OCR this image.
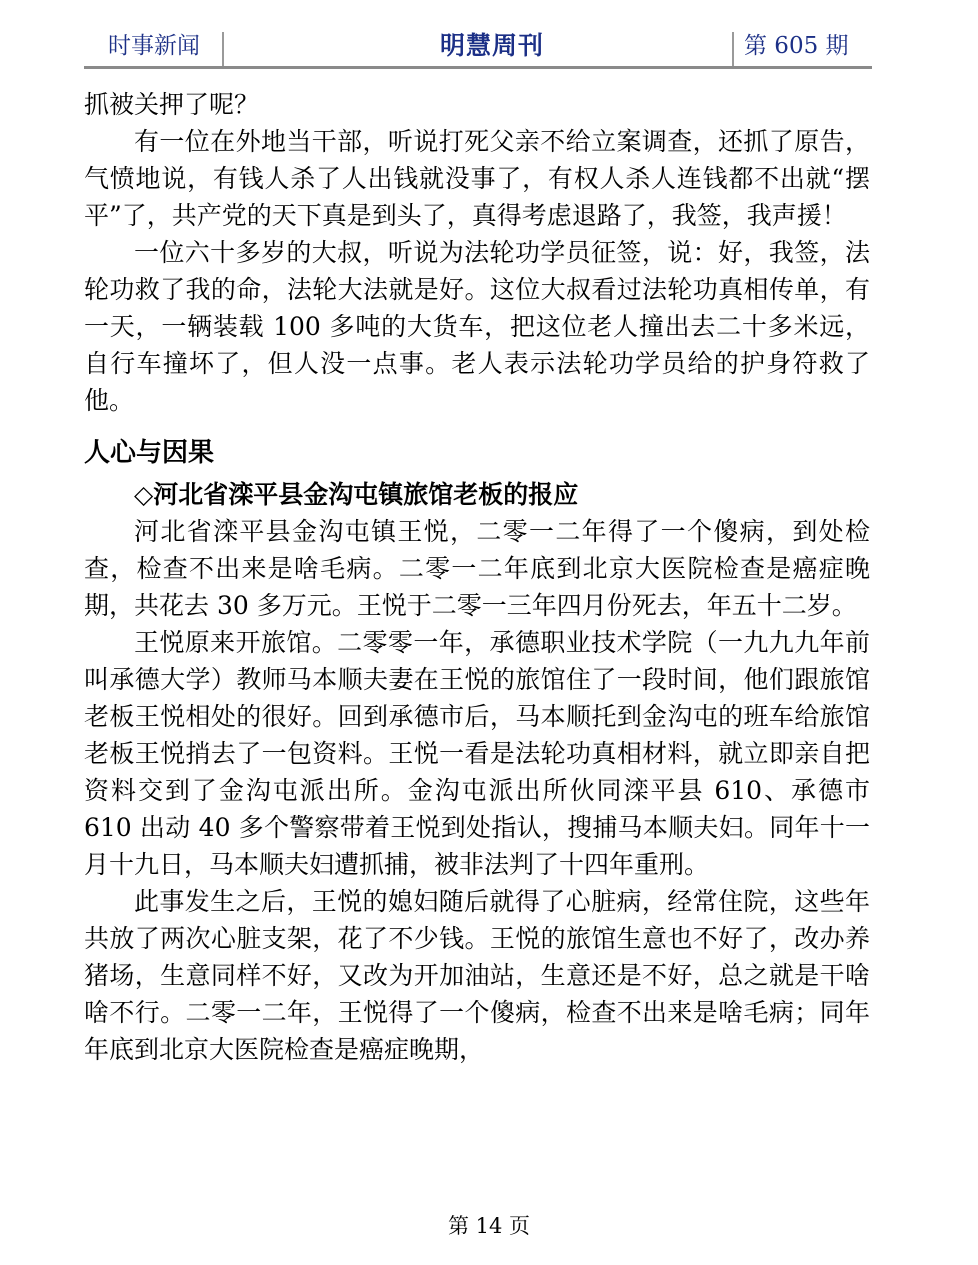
时事新闻	明慧周刊	第 605 期

抓被关押了呢？

有一位在外地当干部，听说打死父亲不给立案调查，还抓了原告，气愤地说，有钱人杀了人出钱就没事了，有权人杀人连钱都不出就“摆平”了，共产党的天下真是到头了，真得考虑退路了，我签，我声援！

一位六十多岁的大叔，听说为法轮功学员征签，说：好，我签，法轮功救了我的命，法轮大法就是好。这位大叔看过法轮功真相传单，有一天，一辆装载 100 多吨的大货车，把这位老人撞出去二十多米远，自行车撞坏了，但人没一点事。老人表示法轮功学员给的护身符救了他。

人心与因果
◇河北省滦平县金沟屯镇旅馆老板的报应

河北省滦平县金沟屯镇王悦，二零一二年得了一个傻病，到处检查，检查不出来是啥毛病。二零一二年底到北京大医院检查是癌症晚期，共花去 30 多万元。王悦于二零一三年四月份死去，年五十二岁。

王悦原来开旅馆。二零零一年，承德职业技术学院（一九九九年前叫承德大学）教师马本顺夫妻在王悦的旅馆住了一段时间，他们跟旅馆老板王悦相处的很好。回到承德市后，马本顺托到金沟屯的班车给旅馆老板王悦捎去了一包资料。王悦一看是法轮功真相材料，就立即亲自把资料交到了金沟屯派出所。金沟屯派出所伙同滦平县 610、承德市 610 出动 40 多个警察带着王悦到处指认，搜捕马本顺夫妇。同年十一月十九日，马本顺夫妇遭抓捕，被非法判了十四年重刑。

此事发生之后，王悦的媳妇随后就得了心脏病，经常住院，这些年共放了两次心脏支架，花了不少钱。王悦的旅馆生意也不好了，改办养猪场，生意同样不好，又改为开加油站，生意还是不好，总之就是干啥啥不行。二零一二年，王悦得了一个傻病，检查不出来是啥毛病；同年年底到北京大医院检查是癌症晚期，

第 14 页
